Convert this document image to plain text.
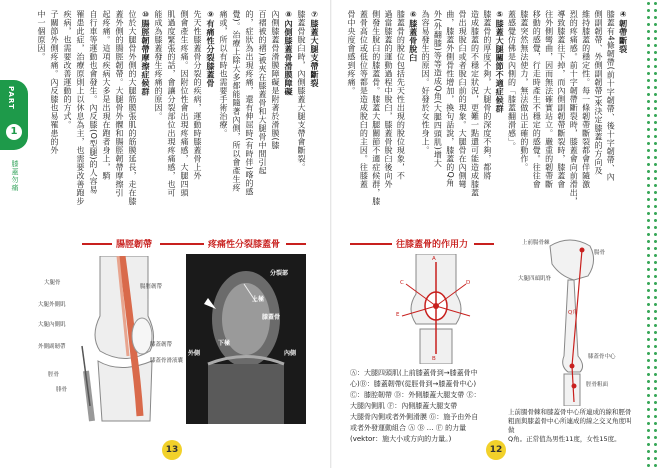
PART
1
膝蓋勿痛
⑦膝蓋大腿支帶斷裂
膝蓋骨脫臼時，內側膝蓋大腿支帶會斷裂。
⑧內側膝蓋骨滑膜障礙
內側膝蓋骨滑膜障礙是附著於滑膜(膝
百褶被的褶)被夾在膝蓋骨和大腿骨中間引起
的，症狀為出現疼痛，還有伸屈時(有時伴)喀的感
覺)。治療上除大多都能隨著內側，所以會產生疼
痛或，所以有時也需要手術治療。
⑨有痛性分裂膝蓋骨
先天性膝蓋骨分裂的疾病，運動時膝蓋骨上外
側會產生疼痛。因附位性會出現疼痛感，大腿四頭
肌過度緊張的話，會讓分裂部位出現疼痛感，也可
能成為膝蓋發生疼痛的原因。
⑩腸脛韌帶摩擦症候群
位於大腿骨外側的大腿筋膜張肌的筋膜延長，走在膝
蓋外側的腸脛韌帶。大腿骨外髁和腸脛韌帶摩擦引
起疼痛。這項疾病大多是出現在跑者身上，騎
自行車等運動也會發生。內反膝(O型腿)的人容易
罹患此症，治療原則上以休息為主，也需要改善跑步
疾病，也需要改善運動的方式。
子關節外側疼痛。內反膝也易罹患的外
中一個原因。	④韌帶斷裂
膝蓋有4條韌帶(前十字韌帶、後十字韌帶、內
側副韌帶、外側副韌帶)來決定膝蓋的方向及
維持膝蓋的穩定性。每一條韌帶斷裂都會伴隨激
烈的疼痛感。前十字韌帶斷裂時，膝蓋會向前滑出，
導致膝蓋往下掉，而內側副韌帶斷裂時，膝蓋會
往外側彎曲，因而無法確實站立。嚴重的韌帶斷
移動的感覺，行走時產生不穩定的感覺。往往會
膝蓋突然無法使力，無法做出正確的動作。
蓋感覺仿佛是內側的「膝蓋翻滑感」。
⑤膝蓋大腿關節不適症候群
膝蓋骨的厚度不夠，大腿骨的深度不夠，都將
造成膝蓋的不穩定狀況，更難一點還可能造成膝蓋
骨出現脫臼或者脫臼前的現象。大腿骨在內側彎
曲，膝蓋外側骨性增加，換句話說，膝蓋的Q角
外(外翻膝)等等造成Q角(大腿四頭肌)增大
為容易發生的原因。好發於女性身上。
⑥膝蓋骨脫臼
膝蓋骨的脫位包括先天性出現的脫位現象，不
過當膝蓋的運動過程中脫臼，膝蓋骨脫臼後向外
側發生脫臼的膝蓋骨。膝蓋大腿關節不適症候群，膝
蓋骨高位或低位等都是造成脫臼的主因。往膝蓋
骨中央度會感到疼痛。
腸脛韌帶
大腿骨
大腿外側肌
大腿內側肌
外側副韌帶
脛骨
腓骨
腸脛韌帶
膝蓋韌帶
膝蓋骨滑液囊
疼痛性分裂膝蓋骨
分裂部
上極
膝蓋骨
下極
外側	內側
往膝蓋骨的作用力
A
B
C	D
E
Ⓐ：大腿四頭肌(上前膝蓋骨到→膝蓋骨中
心)Ⓑ：膝蓋韌帶(從脛骨到→膝蓋骨中心)
Ⓒ：膝腔韌帶 Ⓓ：外側膝蓋大腿支帶 Ⓔ：
大腿內側肌 Ⓕ：內側膝蓋大腿支帶
大腿骨內側或者外側滑膜 Ⓖ：施予由外自
或者外發運動組合 Ⓐ Ⓑ … Ⓕ 的力量
(vektor：施大小或方向的力量。)
上前腸骨棘
腸骨
大腿四頭肌脊
Q角
膝蓋骨中心
脛骨粗面
上前腸骨棘和膝蓋骨中心所連成的線和脛骨
粗面與膝蓋骨中心所連成的線之交叉角度叫做
Q角。正常值為男性11度，女性15度。
13	12
